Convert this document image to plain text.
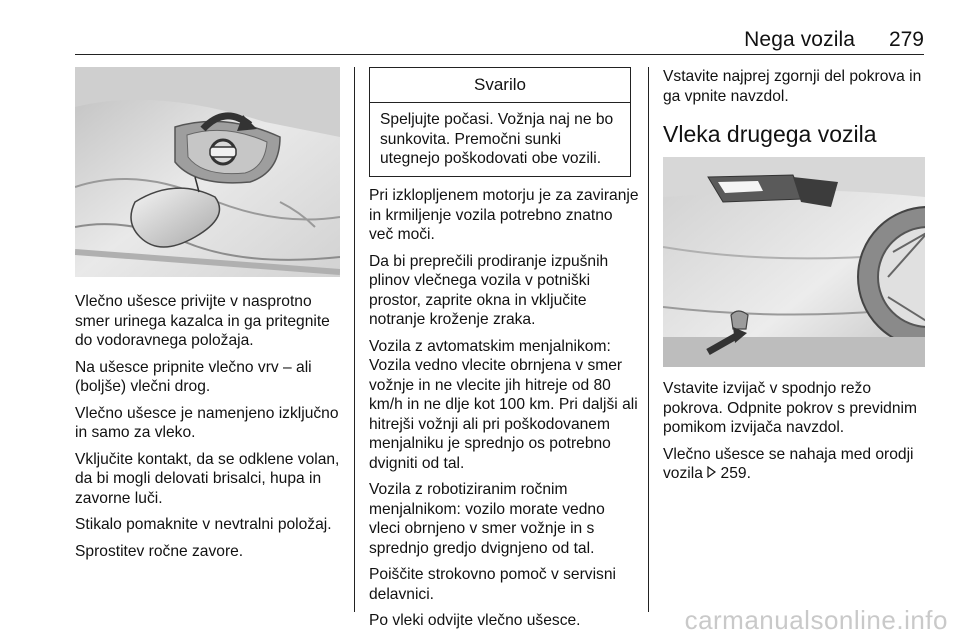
Nega vozila 279

Vlečno ušesce privijte v nasprotno smer urinega kazalca in ga pritegnite do vodoravnega položaja.

Na ušesce pripnite vlečno vrv – ali (boljše) vlečni drog.

Vlečno ušesce je namenjeno izključno in samo za vleko.

Vključite kontakt, da se odklene volan, da bi mogli delovati brisalci, hupa in zavorne luči.

Stikalo pomaknite v nevtralni položaj.

Sprostitev ročne zavore.

Svarilo
Speljujte počasi. Vožnja naj ne bo sunkovita. Premočni sunki utegnejo poškodovati obe vozili.

Pri izklopljenem motorju je za zaviranje in krmiljenje vozila potrebno znatno več moči.

Da bi preprečili prodiranje izpušnih plinov vlečnega vozila v potniški prostor, zaprite okna in vključite notranje kroženje zraka.

Vozila z avtomatskim menjalnikom: Vozila vedno vlecite obrnjena v smer vožnje in ne vlecite jih hitreje od 80 km/h in ne dlje kot 100 km. Pri daljši ali hitrejši vožnji ali pri poškodovanem menjalniku je sprednjo os potrebno dvigniti od tal.

Vozila z robotiziranim ročnim menjalnikom: vozilo morate vedno vleci obrnjeno v smer vožnje in s sprednjo gredjo dvignjeno od tal.

Poiščite strokovno pomoč v servisni delavnici.

Po vleki odvijte vlečno ušesce.

Vstavite najprej zgornji del pokrova in ga vpnite navzdol.

Vleka drugega vozila

Vstavite izvijač v spodnjo režo pokrova. Odpnite pokrov s previdnim pomikom izvijača navzdol.

Vlečno ušesce se nahaja med orodji vozila  259.

carmanualsonline.info
